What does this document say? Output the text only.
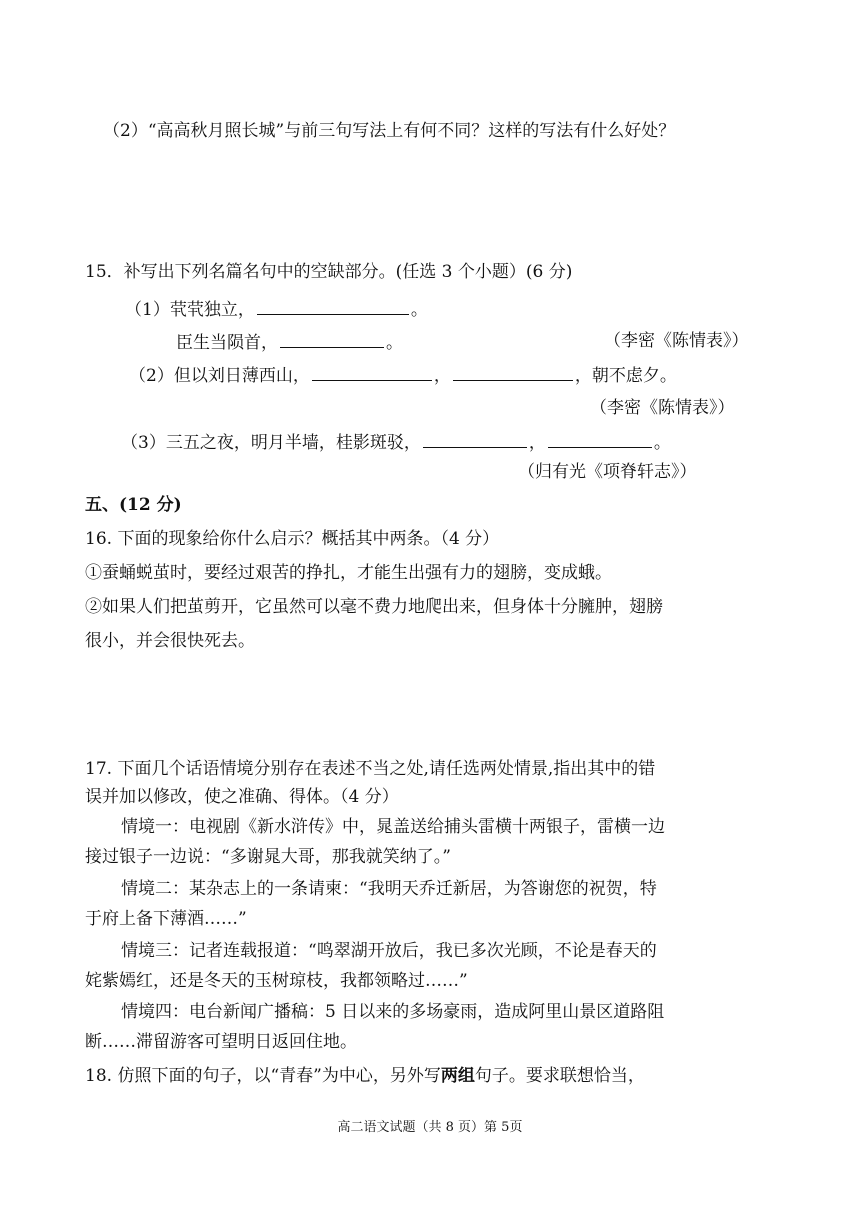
（2）“高高秋月照长城”与前三句写法上有何不同？这样的写法有什么好处？
15．补写出下列名篇名句中的空缺部分。(任选 3 个小题）(6 分)
（1）茕茕独立，	。
臣生当陨首，	。	（李密《陈情表》）
（2）但以刘日薄西山，	，	，朝不虑夕。
（李密《陈情表》）
（3）三五之夜，明月半墙，桂影斑驳，	，	。
（归有光《项脊轩志》）
五、(12 分)
16. 下面的现象给你什么启示？概括其中两条。（4 分）
①蚕蛹蜕茧时，要经过艰苦的挣扎，才能生出强有力的翅膀，变成蛾。
②如果人们把茧剪开，它虽然可以毫不费力地爬出来，但身体十分臃肿，翅膀
很小，并会很快死去。
17. 下面几个话语情境分别存在表述不当之处,请任选两处情景,指出其中的错
误并加以修改，使之准确、得体。（4 分）
情境一：电视剧《新水浒传》中，晁盖送给捕头雷横十两银子，雷横一边
接过银子一边说：“多谢晁大哥，那我就笑纳了。”
情境二：某杂志上的一条请柬：“我明天乔迁新居，为答谢您的祝贺，特
于府上备下薄酒……”
情境三：记者连载报道：“鸣翠湖开放后，我已多次光顾，不论是春天的
姹紫嫣红，还是冬天的玉树琼枝，我都领略过……”
情境四：电台新闻广播稿：5 日以来的多场豪雨，造成阿里山景区道路阻
断……滞留游客可望明日返回住地。
18. 仿照下面的句子，以“青春”为中心，另外写两组句子。要求联想恰当，
高二语文试题（共 8 页）第 5页
